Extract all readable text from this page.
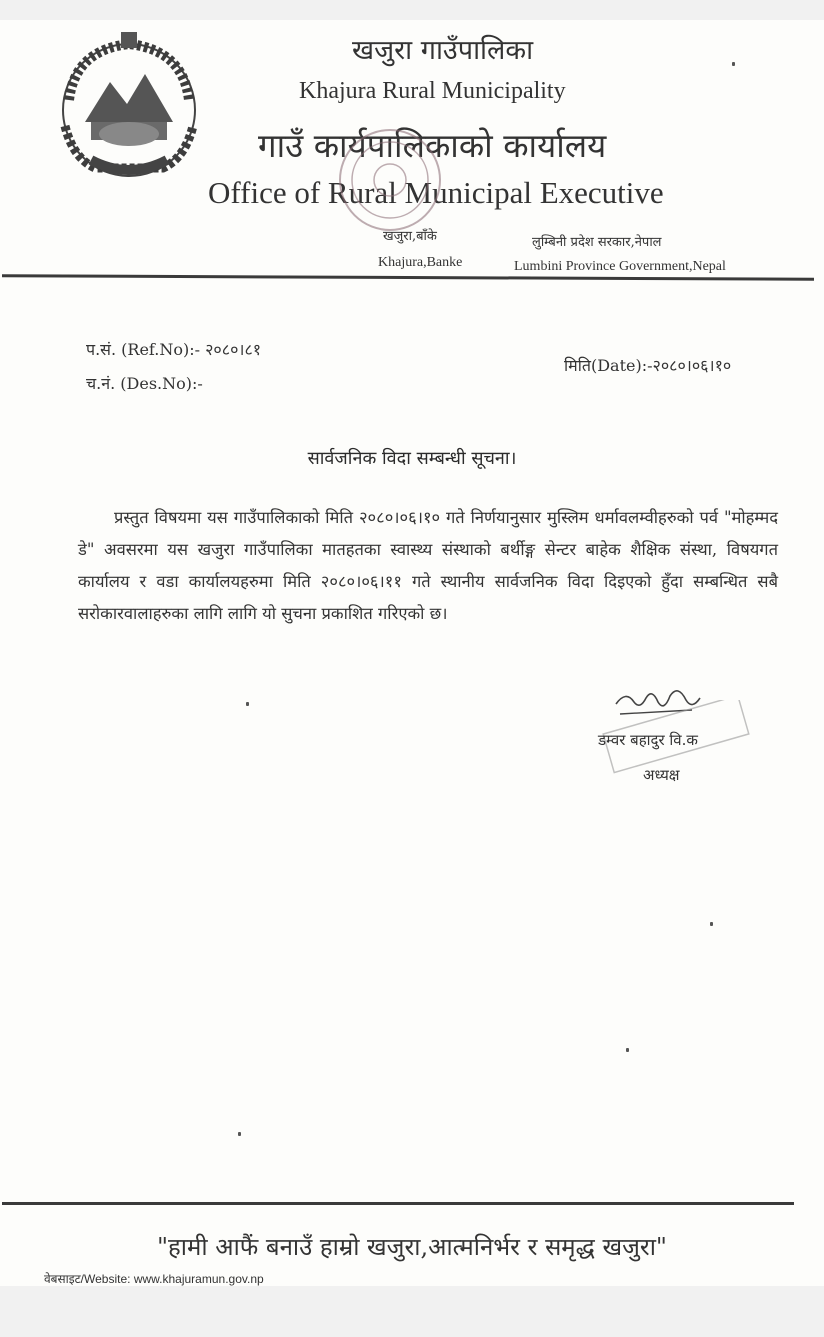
खजुरा गाउँपालिका
Khajura Rural Municipality
गाउँ कार्यपालिकाको कार्यालय
Office of Rural Municipal Executive
खजुरा,बाँके	लुम्बिनी प्रदेश सरकार,नेपाल
Khajura,Banke	Lumbini Province Government,Nepal
प.सं. (Ref.No):- २०८०।८१
च.नं. (Des.No):-
मिति(Date):-२०८०।०६।१०
सार्वजनिक विदा सम्बन्धी सूचना।
प्रस्तुत विषयमा यस गाउँपालिकाको मिति २०८०।०६।१० गते निर्णयानुसार मुस्लिम धर्मावलम्वीहरुको पर्व "मोहम्मद डे" अवसरमा यस खजुरा गाउँपालिका मातहतका स्वास्थ्य संस्थाको बर्थीङ्ग सेन्टर बाहेक शैक्षिक संस्था, विषयगत कार्यालय र वडा कार्यालयहरुमा मिति २०८०।०६।११ गते स्थानीय सार्वजनिक विदा दिइएको हुँदा सम्बन्धित सबै सरोकारवालाहरुका लागि लागि यो सुचना प्रकाशित गरिएको छ।
डम्वर बहादुर वि.क
अध्यक्ष
"हामी आफैं बनाउँ हाम्रो खजुरा,आत्मनिर्भर र समृद्ध खजुरा"
वेबसाइट/Website: www.khajuramun.gov.np
